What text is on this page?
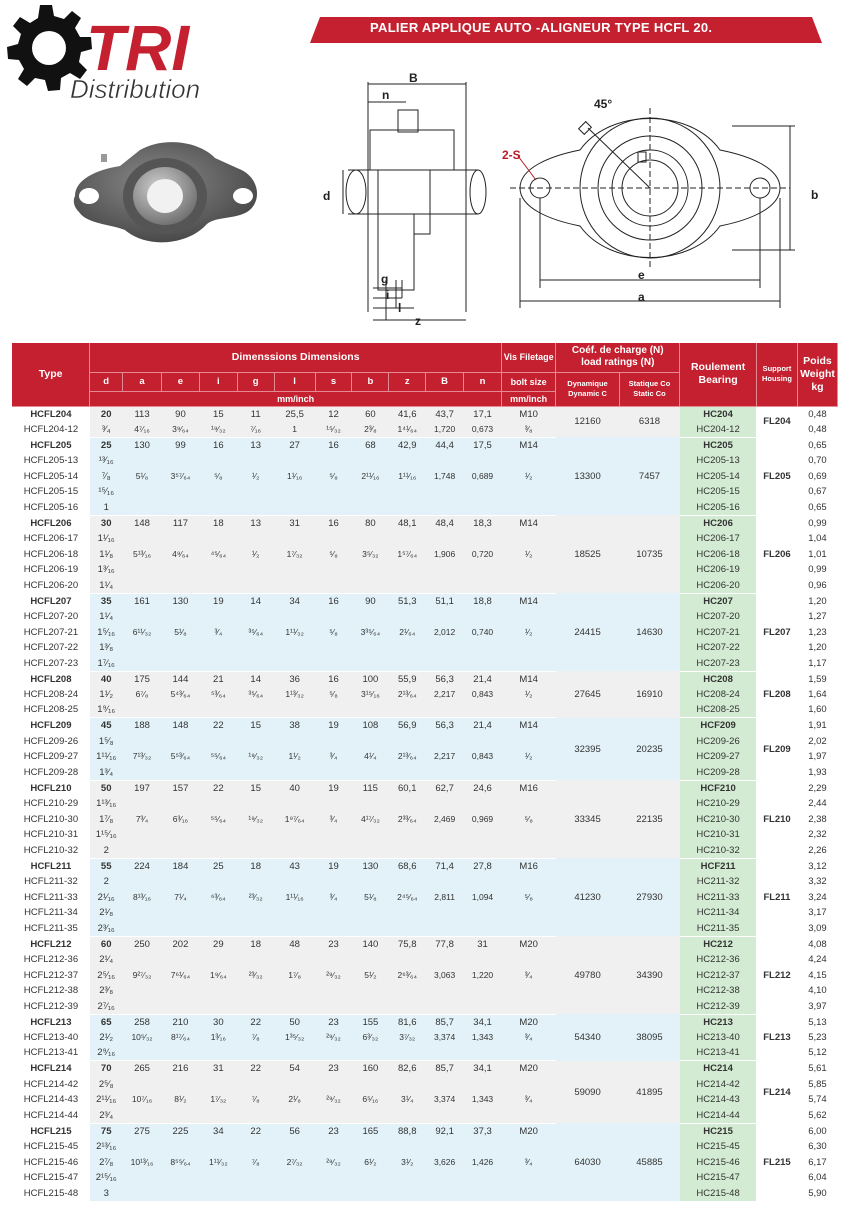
TRI
Distribution
PALIER APPLIQUE AUTO -ALIGNEUR TYPE HCFL 20.
B
n
d
g
i
l
z
45°
2-S
e
a
b
Type	Dimenssions Dimensions											Vis Filetage	Coéf. de charge (N)
load ratings (N)		Roulement
Bearing	Support
Housing	Poids
Weight
kg
	d	a	e	i	g	l	s	b	z	B	n	bolt size	Dynamique
Dynamic C	Statique Co
Static Co			
	mm/inch											mm/inch					
HCFL204	20	113	90	15	11	25,5	12	60	41,6	43,7	17,1	M10	12160	6318	HC204	FL204	0,48
HCFL204-12	³⁄₄	4⁷⁄₁₆	3⁹⁄₆₄	¹⁹⁄₃₂	⁷⁄₁₆	1	¹⁵⁄₃₂	2³⁄₈	1⁴¹⁄₆₄	1,720	0,673	³⁄₈			HC204-12		0,48
HCFL205	25	130	99	16	13	27	16	68	42,9	44,4	17,5	M14	13300	7457	HC205	FL205	0,65
HCFL205-13	¹³⁄₁₆														HC205-13		0,70
HCFL205-14	⁷⁄₈	5¹⁄₈	3⁵⁷⁄₆₄	⁵⁄₈	¹⁄₂	1¹⁄₁₆	⁵⁄₈	2¹¹⁄₁₆	1¹¹⁄₁₆	1,748	0,689	¹⁄₂			HC205-14		0,69
HCFL205-15	¹⁵⁄₁₆														HC205-15		0,67
HCFL205-16	1														HC205-16		0,65
HCFL206	30	148	117	18	13	31	16	80	48,1	48,4	18,3	M14	18525	10735	HC206	FL206	0,99
HCFL206-17	1¹⁄₁₆														HC206-17		1,04
HCFL206-18	1¹⁄₈	5¹³⁄₁₆	4⁹⁄₆₄	⁴⁵⁄₆₄	¹⁄₂	1⁷⁄₃₂	⁵⁄₈	3⁵⁄₃₂	1⁵⁷⁄₆₄	1,906	0,720	¹⁄₂			HC206-18		1,01
HCFL206-19	1³⁄₁₆														HC206-19		0,99
HCFL206-20	1¹⁄₄														HC206-20		0,96
HCFL207	35	161	130	19	14	34	16	90	51,3	51,1	18,8	M14	24415	14630	HC207	FL207	1,20
HCFL207-20	1¹⁄₄														HC207-20		1,27
HCFL207-21	1⁵⁄₁₆	6¹¹⁄₃₂	5¹⁄₈	³⁄₄	³⁵⁄₆₄	1¹¹⁄₃₂	⁵⁄₈	3³⁵⁄₆₄	2¹⁄₆₄	2,012	0,740	¹⁄₂			HC207-21		1,23
HCFL207-22	1³⁄₈														HC207-22		1,20
HCFL207-23	1⁷⁄₁₆														HC207-23		1,17
HCFL208	40	175	144	21	14	36	16	100	55,9	56,3	21,4	M14	27645	16910	HC208	FL208	1,59
HCFL208-24	1¹⁄₂	6⁷⁄₈	5⁴³⁄₆₄	⁵³⁄₆₄	³⁵⁄₆₄	1¹³⁄₃₂	⁵⁄₈	3¹⁵⁄₁₆	2¹³⁄₆₄	2,217	0,843	¹⁄₂			HC208-24		1,64
HCFL208-25	1⁹⁄₁₆														HC208-25		1,60
HCFL209	45	188	148	22	15	38	19	108	56,9	56,3	21,4	M14	32395	20235	HCF209	FL209	1,91
HCFL209-26	1⁵⁄₈														HC209-26		2,02
HCFL209-27	1¹¹⁄₁₆	7¹³⁄₃₂	5⁵³⁄₆₄	⁵⁵⁄₆₄	¹⁹⁄₃₂	1¹⁄₂	³⁄₄	4¹⁄₄	2¹³⁄₆₄	2,217	0,843	¹⁄₂			HC209-27		1,97
HCFL209-28	1³⁄₄														HC209-28		1,93
HCFL210	50	197	157	22	15	40	19	115	60,1	62,7	24,6	M16	33345	22135	HCF210	FL210	2,29
HCFL210-29	1¹³⁄₁₆														HC210-29		2,44
HCFL210-30	1⁷⁄₈	7³⁄₄	6³⁄₁₆	⁵⁵⁄₆₄	¹⁹⁄₃₂	1⁹⁷⁄₆₄	³⁄₄	4¹⁷⁄₃₂	2³³⁄₆₄	2,469	0,969	⁵⁄₈			HC210-30		2,38
HCFL210-31	1¹⁵⁄₁₆														HC210-31		2,32
HCFL210-32	2														HC210-32		2,26
HCFL211	55	224	184	25	18	43	19	130	68,6	71,4	27,8	M16	41230	27930	HCF211	FL211	3,12
HCFL211-32	2														HC211-32		3,32
HCFL211-33	2¹⁄₁₆	8¹³⁄₁₆	7¹⁄₄	⁶³⁄₆₄	²³⁄₃₂	1¹¹⁄₁₆	³⁄₄	5¹⁄₈	2⁴⁵⁄₆₄	2,811	1,094	⁵⁄₈			HC211-33		3,24
HCFL211-34	2¹⁄₈														HC211-34		3,17
HCFL211-35	2³⁄₁₆														HC211-35		3,09
HCFL212	60	250	202	29	18	48	23	140	75,8	77,8	31	M20	49780	34390	HC212	FL212	4,08
HCFL212-36	2¹⁄₄														HC212-36		4,24
HCFL212-37	2⁵⁄₁₆	9²⁷⁄₃₂	7⁶¹⁄₆₄	1⁹⁄₆₄	²³⁄₃₂	1⁷⁄₈	²⁹⁄₃₂	5¹⁄₂	2⁶³⁄₆₄	3,063	1,220	³⁄₄			HC212-37		4,15
HCFL212-38	2³⁄₈														HC212-38		4,10
HCFL212-39	2⁷⁄₁₆														HC212-39		3,97
HCFL213	65	258	210	30	22	50	23	155	81,6	85,7	34,1	M20	54340	38095	HC213	FL213	5,13
HCFL213-40	2¹⁄₂	10⁵⁄₃₂	8¹⁷⁄₆₄	1³⁄₁₆	⁷⁄₈	1³⁵⁄₃₂	²⁹⁄₃₂	6³⁄₃₂	3⁷⁄₃₂	3,374	1,343	³⁄₄			HC213-40		5,23
HCFL213-41	2⁹⁄₁₆														HC213-41		5,12
HCFL214	70	265	216	31	22	54	23	160	82,6	85,7	34,1	M20	59090	41895	HC214	FL214	5,61
HCFL214-42	2⁵⁄₈														HC214-42		5,85
HCFL214-43	2¹¹⁄₁₆	10⁷⁄₁₆	8¹⁄₂	1⁷⁄₃₂	⁷⁄₈	2¹⁄₈	²⁹⁄₃₂	6⁵⁄₁₆	3¹⁄₄	3,374	1,343	³⁄₄			HC214-43		5,74
HCFL214-44	2³⁄₄														HC214-44		5,62
HCFL215	75	275	225	34	22	56	23	165	88,8	92,1	37,3	M20	64030	45885	HC215	FL215	6,00
HCFL215-45	2¹³⁄₁₆														HC215-45		6,30
HCFL215-46	2⁷⁄₈	10¹³⁄₁₆	8⁵⁵⁄₆₄	1¹¹⁄₃₂	⁷⁄₈	2⁷⁄₃₂	²⁹⁄₃₂	6¹⁄₂	3¹⁄₂	3,626	1,426	³⁄₄			HC215-46		6,17
HCFL215-47	2¹⁵⁄₁₆														HC215-47		6,04
HCFL215-48	3														HC215-48		5,90
